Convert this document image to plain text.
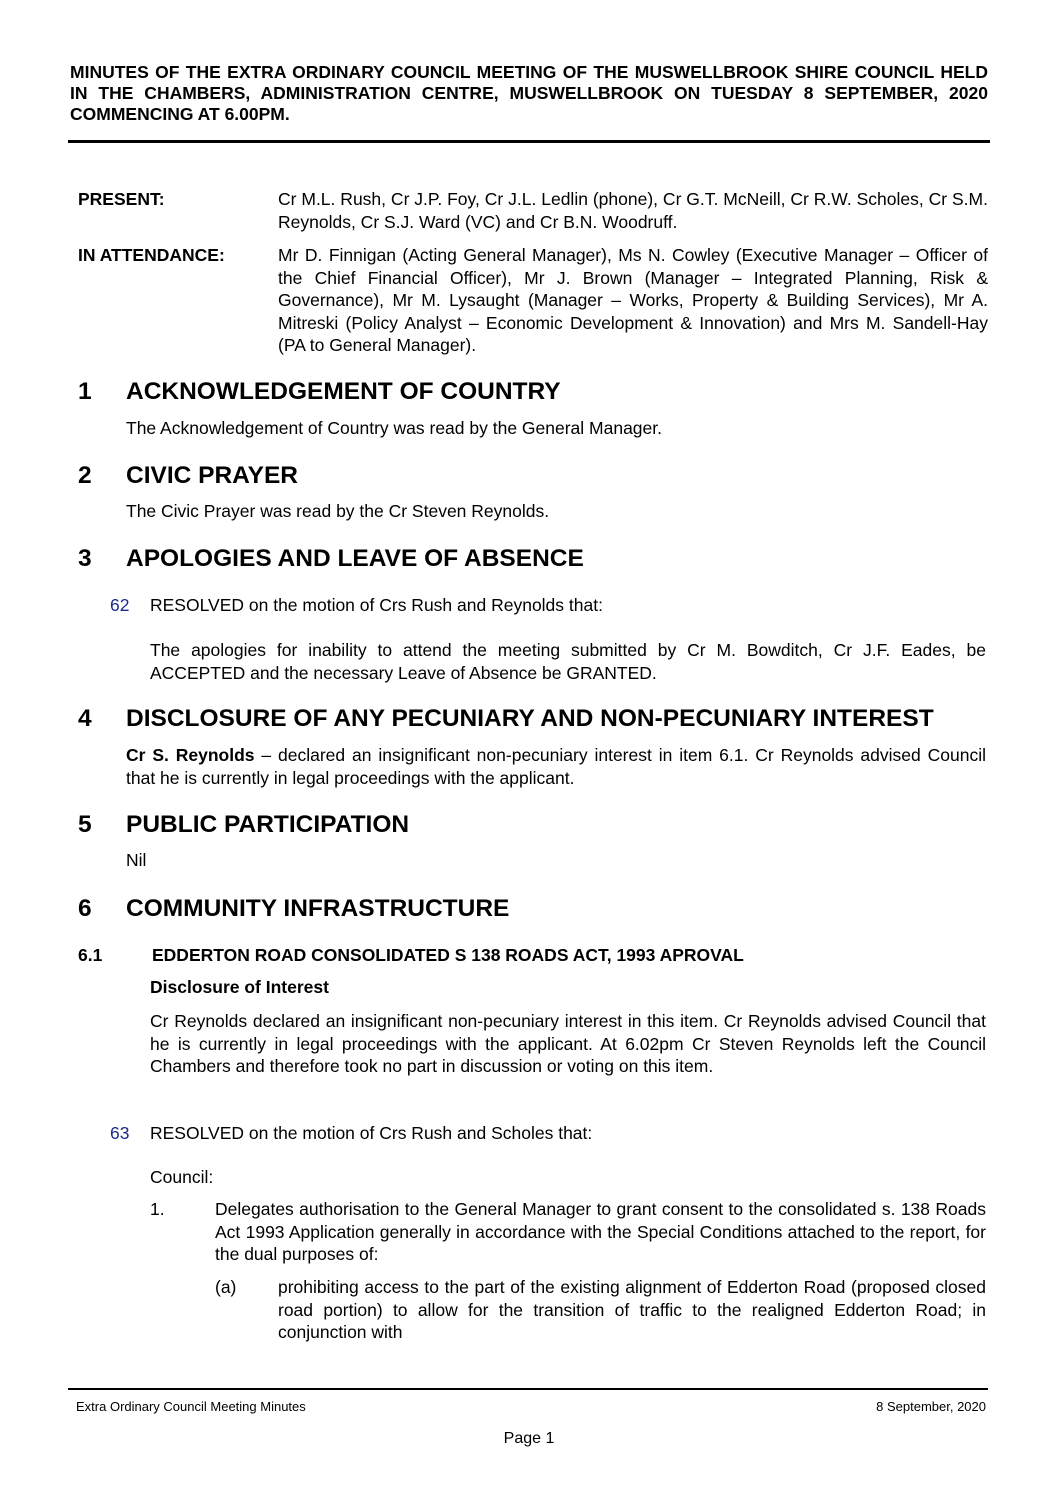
MINUTES OF THE EXTRA ORDINARY COUNCIL MEETING OF THE MUSWELLBROOK SHIRE COUNCIL HELD IN THE CHAMBERS, ADMINISTRATION CENTRE, MUSWELLBROOK ON TUESDAY 8 SEPTEMBER, 2020 COMMENCING AT 6.00PM.
PRESENT:	Cr M.L. Rush, Cr J.P. Foy, Cr J.L. Ledlin (phone), Cr G.T. McNeill, Cr R.W. Scholes, Cr S.M. Reynolds, Cr S.J. Ward (VC) and Cr B.N. Woodruff.
IN ATTENDANCE:	Mr D. Finnigan (Acting General Manager), Ms N. Cowley (Executive Manager – Officer of the Chief Financial Officer), Mr J. Brown (Manager – Integrated Planning, Risk & Governance), Mr M. Lysaught (Manager – Works, Property & Building Services), Mr A. Mitreski (Policy Analyst – Economic Development & Innovation) and Mrs M. Sandell-Hay (PA to General Manager).
1 ACKNOWLEDGEMENT OF COUNTRY
The Acknowledgement of Country was read by the General Manager.
2 CIVIC PRAYER
The Civic Prayer was read by the Cr Steven Reynolds.
3 APOLOGIES AND LEAVE OF ABSENCE
62 RESOLVED on the motion of Crs Rush and Reynolds that:
The apologies for inability to attend the meeting submitted by Cr M. Bowditch, Cr J.F. Eades, be ACCEPTED and the necessary Leave of Absence be GRANTED.
4 DISCLOSURE OF ANY PECUNIARY AND NON-PECUNIARY INTEREST
Cr S. Reynolds – declared an insignificant non-pecuniary interest in item 6.1. Cr Reynolds advised Council that he is currently in legal proceedings with the applicant.
5 PUBLIC PARTICIPATION
Nil
6 COMMUNITY INFRASTRUCTURE
6.1	EDDERTON ROAD CONSOLIDATED S 138 ROADS ACT, 1993 APROVAL
Disclosure of Interest
Cr Reynolds declared an insignificant non-pecuniary interest in this item. Cr Reynolds advised Council that he is currently in legal proceedings with the applicant. At 6.02pm Cr Steven Reynolds left the Council Chambers and therefore took no part in discussion or voting on this item.
63 RESOLVED on the motion of Crs Rush and Scholes that:
Council:
1.	Delegates authorisation to the General Manager to grant consent to the consolidated s. 138 Roads Act 1993 Application generally in accordance with the Special Conditions attached to the report, for the dual purposes of:
(a) prohibiting access to the part of the existing alignment of Edderton Road (proposed closed road portion) to allow for the transition of traffic to the realigned Edderton Road; in conjunction with
Extra Ordinary Council Meeting Minutes	8 September, 2020
Page 1
